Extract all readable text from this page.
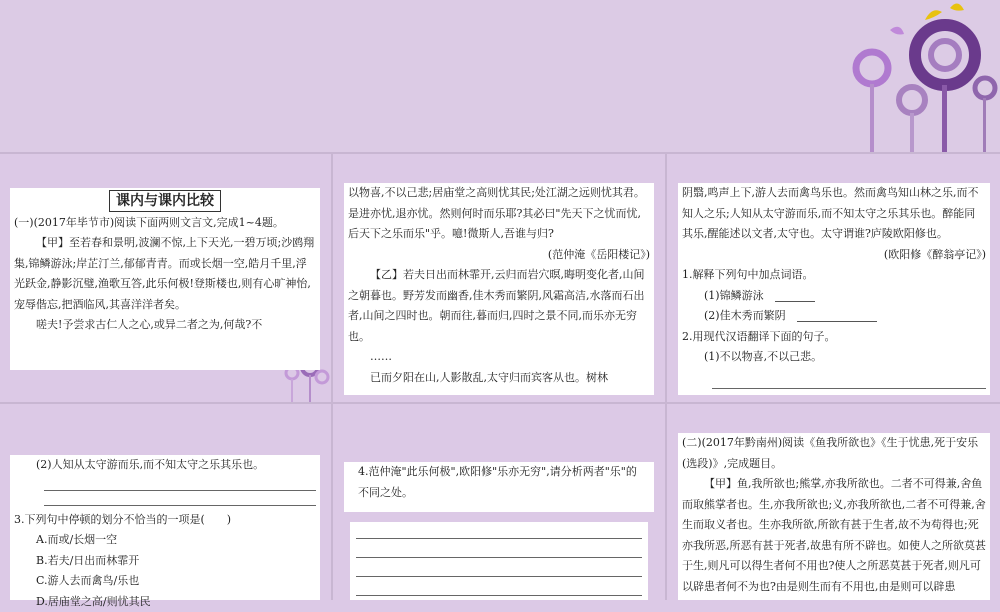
课内与课内比较

(一)(2017年毕节市)阅读下面两则文言文,完成1~4题。

【甲】至若春和景明,波澜不惊,上下天光,一碧万顷;沙鸥翔集,锦鳞游泳;岸芷汀兰,郁郁青青。而或长烟一空,皓月千里,浮光跃金,静影沉璧,渔歌互答,此乐何极!登斯楼也,则有心旷神怡,宠辱偕忘,把酒临风,其喜洋洋者矣。

嗟夫!予尝求古仁人之心,或异二者之为,何哉?不

以物喜,不以己悲;居庙堂之高则忧其民;处江湖之远则忧其君。是进亦忧,退亦忧。然则何时而乐耶?其必曰"先天下之忧而忧,后天下之乐而乐"乎。噫!微斯人,吾谁与归?

(范仲淹《岳阳楼记》)

【乙】若夫日出而林霏开,云归而岩穴暝,晦明变化者,山间之朝暮也。野芳发而幽香,佳木秀而繁阴,风霜高洁,水落而石出者,山间之四时也。朝而往,暮而归,四时之景不同,而乐亦无穷也。

……

已而夕阳在山,人影散乱,太守归而宾客从也。树林

阴翳,鸣声上下,游人去而禽鸟乐也。然而禽鸟知山林之乐,而不知人之乐;人知从太守游而乐,而不知太守之乐其乐也。醉能同其乐,醒能述以文者,太守也。太守谓谁?庐陵欧阳修也。

(欧阳修《醉翁亭记》)

1.解释下列句中加点词语。

(1)锦鳞游泳

(2)佳木秀而繁阴

2.用现代汉语翻译下面的句子。

(1)不以物喜,不以己悲。

(2)人知从太守游而乐,而不知太守之乐其乐也。

3.下列句中停顿的划分不恰当的一项是(　　)

A.而或/长烟一空

B.若夫/日出而林霏开

C.游人去而禽鸟/乐也

D.居庙堂之高/则忧其民

4.范仲淹"此乐何极",欧阳修"乐亦无穷",请分析两者"乐"的不同之处。

(二)(2017年黔南州)阅读《鱼我所欲也》《生于忧患,死于安乐(选段)》,完成题目。

【甲】鱼,我所欲也;熊掌,亦我所欲也。二者不可得兼,舍鱼而取熊掌者也。生,亦我所欲也;义,亦我所欲也,二者不可得兼,舍生而取义者也。生亦我所欲,所欲有甚于生者,故不为苟得也;死亦我所恶,所恶有甚于死者,故患有所不辟也。如使人之所欲莫甚于生,则凡可以得生者何不用也?使人之所恶莫甚于死者,则凡可以辟患者何不为也?由是则生而有不用也,由是则可以辟患
